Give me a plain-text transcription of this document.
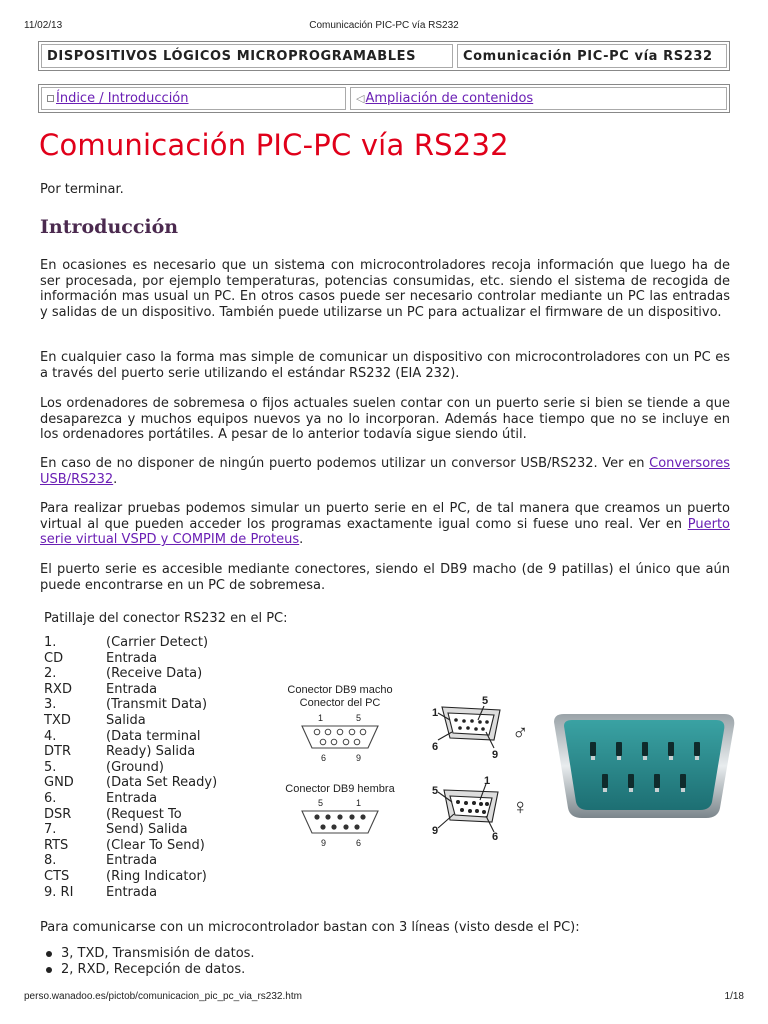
11/02/13	Comunicación PIC-PC vía RS232
DISPOSITIVOS LÓGICOS MICROPROGRAMABLES	Comunicación PIC-PC vía RS232
Índice / Introducción	◁ Ampliación de contenidos
Comunicación PIC-PC vía RS232
Por terminar.
Introducción
En ocasiones es necesario que un sistema con microcontroladores recoja información que luego ha de ser procesada, por ejemplo temperaturas, potencias consumidas, etc. siendo el sistema de recogida de información mas usual un PC. En otros casos puede ser necesario controlar mediante un PC las entradas y salidas de un dispositivo. También puede utilizarse un PC para actualizar el firmware de un dispositivo.
En cualquier caso la forma mas simple de comunicar un dispositivo con microcontroladores con un PC es a través del puerto serie utilizando el estándar RS232 (EIA 232).
Los ordenadores de sobremesa o fijos actuales suelen contar con un puerto serie si bien se tiende a que desaparezca y muchos equipos nuevos ya no lo incorporan. Además hace tiempo que no se incluye en los ordenadores portátiles. A pesar de lo anterior todavía sigue siendo útil.
En caso de no disponer de ningún puerto podemos utilizar un conversor USB/RS232. Ver en Conversores USB/RS232.
Para realizar pruebas podemos simular un puerto serie en el PC, de tal manera que creamos un puerto virtual al que pueden acceder los programas exactamente igual como si fuese uno real. Ver en Puerto serie virtual VSPD y COMPIM de Proteus.
El puerto serie es accesible mediante conectores, siendo el DB9 macho (de 9 patillas) el único que aún puede encontrarse en un PC de sobremesa.
Patillaje del conector RS232 en el PC:
1.	(Carrier Detect)
CD	Entrada
2.	(Receive Data)
RXD	Entrada
3.	(Transmit Data)
TXD	Salida
4.	(Data terminal
DTR	Ready) Salida
5.	(Ground)
GND	(Data Set Ready)
6.	Entrada
DSR	(Request To
7.	Send) Salida
RTS	(Clear To Send)
8.	Entrada
CTS	(Ring Indicator)
9. RI	Entrada
Conector DB9 macho
Conector del PC
1	5
6	9
Conector DB9 hembra
5	1
9	6
1
5
6
9
♂
5
1
9	6
♀
Para comunicarse con un microcontrolador bastan con 3 líneas (visto desde el PC):
3, TXD, Transmisión de datos.
2, RXD, Recepción de datos.
perso.wanadoo.es/pictob/comunicacion_pic_pc_via_rs232.htm	1/18
